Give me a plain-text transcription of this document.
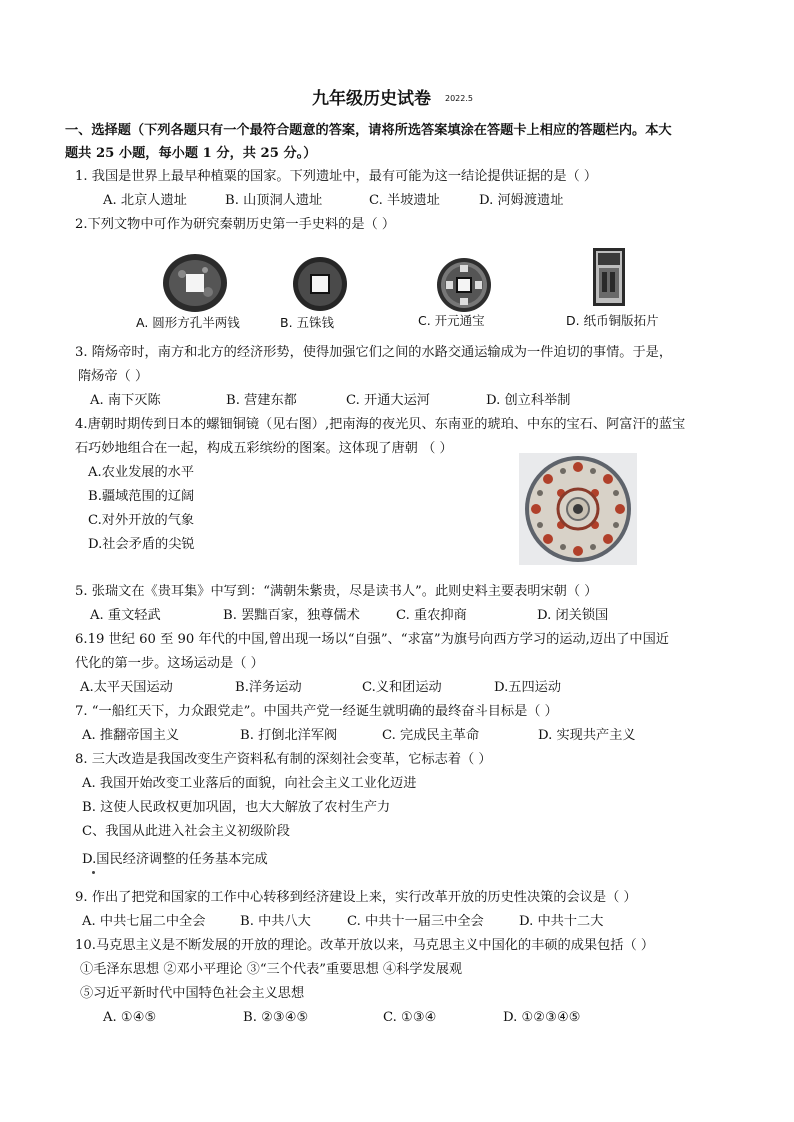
九年级历史试卷 2022.5
一、选择题（下列各题只有一个最符合题意的答案，请将所选答案填涂在答题卡上相应的答题栏内。本大
题共 25 小题，每小题 1 分，共 25 分。）
1. 我国是世界上最早种植粟的国家。下列遗址中，最有可能为这一结论提供证据的是（ ）
A. 北京人遗址	B. 山顶洞人遗址	C. 半坡遗址	D. 河姆渡遗址
2.下列文物中可作为研究秦朝历史第一手史料的是（ ）
A. 圆形方孔半两钱	B. 五铢钱	C. 开元通宝	D. 纸币铜版拓片
3. 隋炀帝时，南方和北方的经济形势，使得加强它们之间的水路交通运输成为一件迫切的事情。于是，
隋炀帝（ ）
A. 南下灭陈	B. 营建东都	C. 开通大运河	D. 创立科举制
4.唐朝时期传到日本的螺钿铜镜（见右图）,把南海的夜光贝、东南亚的琥珀、中东的宝石、阿富汗的蓝宝
石巧妙地组合在一起，构成五彩缤纷的图案。这体现了唐朝 （ ）
A.农业发展的水平
B.疆域范围的辽阔
C.对外开放的气象
D.社会矛盾的尖锐
5. 张瑞文在《贵耳集》中写到：“满朝朱紫贵，尽是读书人”。此则史料主要表明宋朝（ ）
A. 重文轻武	B. 罢黜百家，独尊儒术	C. 重农抑商	D. 闭关锁国
6.19 世纪 60 至 90 年代的中国,曾出现一场以“自强”、“求富”为旗号向西方学习的运动,迈出了中国近
代化的第一步。这场运动是（ ）
A.太平天国运动	B.洋务运动	C.义和团运动	D.五四运动
7. “一船红天下，力众跟党走”。中国共产党一经诞生就明确的最终奋斗目标是（ ）
A. 推翻帝国主义	B. 打倒北洋军阀	C. 完成民主革命	D. 实现共产主义
8. 三大改造是我国改变生产资料私有制的深刻社会变革，它标志着（ ）
A. 我国开始改变工业落后的面貌，向社会主义工业化迈进
B. 这使人民政权更加巩固，也大大解放了农村生产力
C、我国从此进入社会主义初级阶段
D.国民经济调整的任务基本完成
9. 作出了把党和国家的工作中心转移到经济建设上来，实行改革开放的历史性决策的会议是（ ）
A. 中共七届二中全会	B. 中共八大	C. 中共十一届三中全会	D. 中共十二大
10.马克思主义是不断发展的开放的理论。改革开放以来，马克思主义中国化的丰硕的成果包括（ ）
①毛泽东思想 ②邓小平理论 ③“三个代表”重要思想 ④科学发展观
⑤习近平新时代中国特色社会主义思想
A. ①④⑤	B. ②③④⑤	C. ①③④	D. ①②③④⑤
